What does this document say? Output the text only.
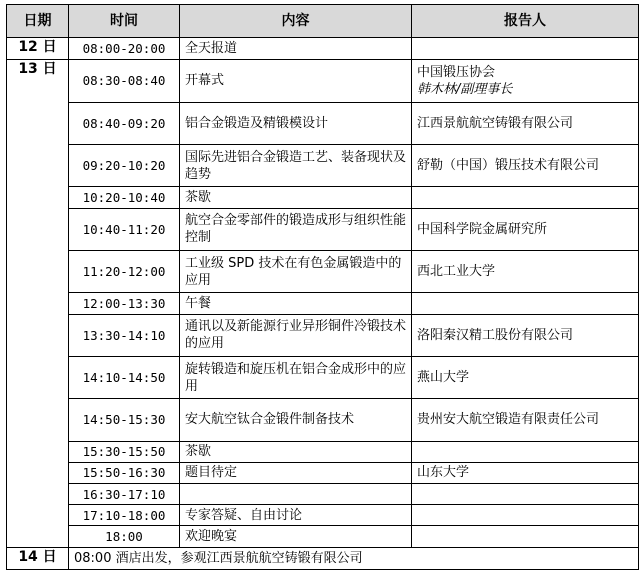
日期	时间	内容	报告人
12 日	08:00-20:00	全天报道	
13 日	08:30-08:40	开幕式	中国锻压协会
韩木林/副理事长

	08:40-09:20	铝合金锻造及精锻模设计	江西景航航空铸锻有限公司
	09:20-10:20	国际先进铝合金锻造工艺、装备现状及趋势	舒勒（中国）锻压技术有限公司
	10:20-10:40	茶歇	
	10:40-11:20	航空合金零部件的锻造成形与组织性能控制	中国科学院金属研究所
	11:20-12:00	工业级 SPD 技术在有色金属锻造中的应用	西北工业大学
	12:00-13:30	午餐	
	13:30-14:10	通讯以及新能源行业异形铜件冷锻技术的应用	洛阳秦汉精工股份有限公司
	14:10-14:50	旋转锻造和旋压机在铝合金成形中的应用	燕山大学
	14:50-15:30	安大航空钛合金锻件制备技术	贵州安大航空锻造有限责任公司
	15:30-15:50	茶歇	
	15:50-16:30	题目待定	山东大学
	16:30-17:10		
	17:10-18:00	专家答疑、自由讨论	
	18:00	欢迎晚宴	
14 日	08:00 酒店出发，参观江西景航航空铸锻有限公司		
